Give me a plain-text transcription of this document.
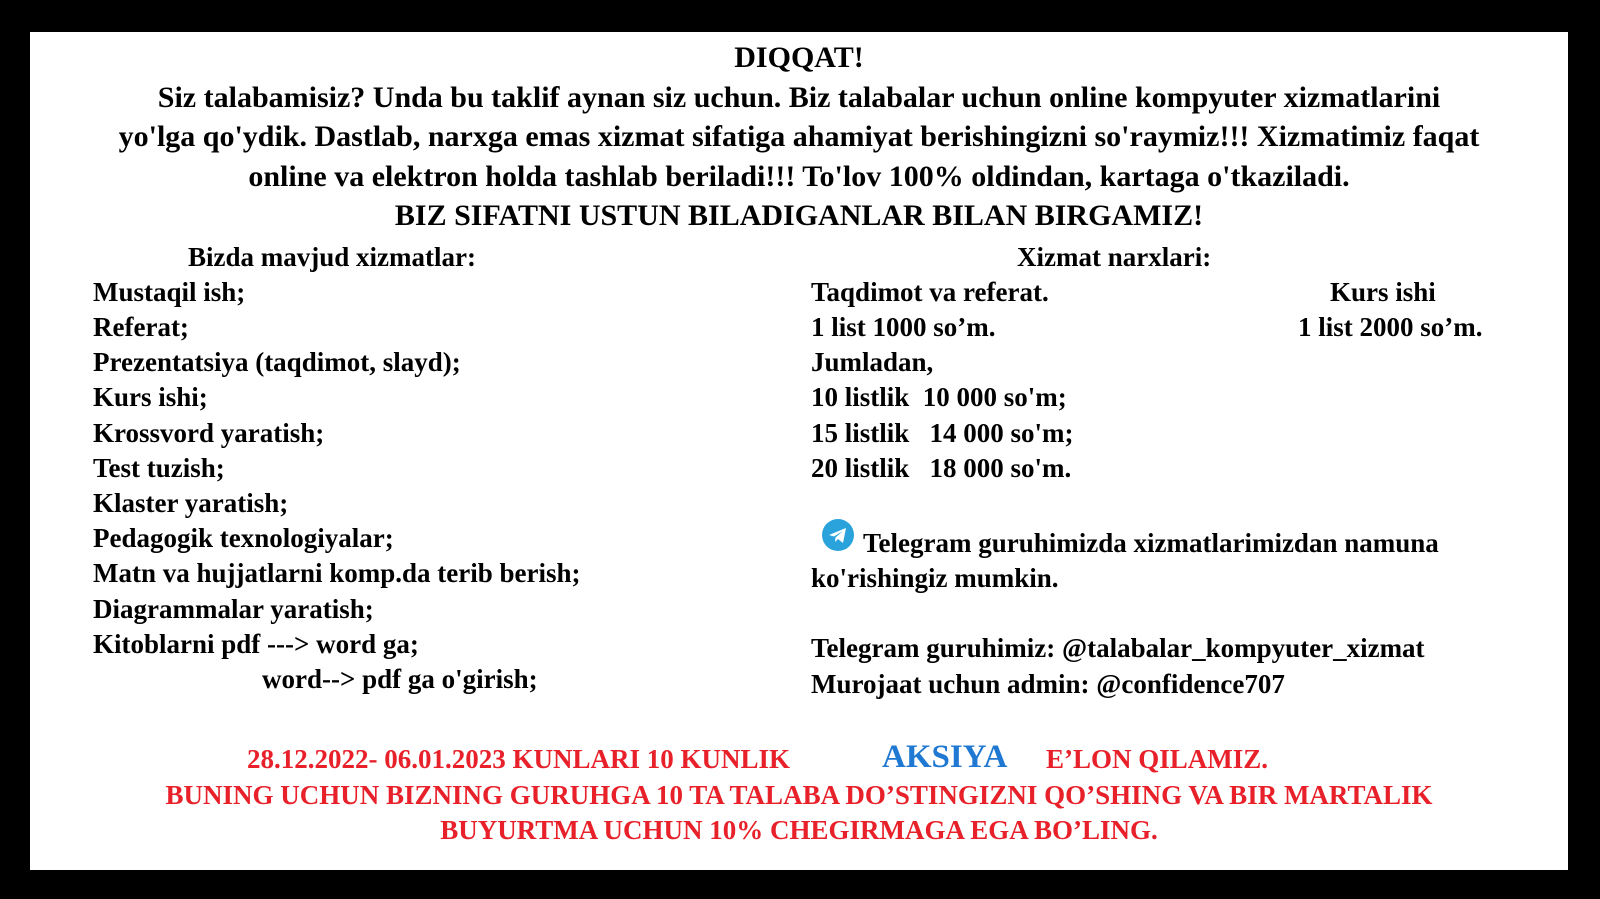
DIQQAT!
Siz talabamisiz? Unda bu taklif aynan siz uchun. Biz talabalar uchun online kompyuter xizmatlarini
yo'lga qo'ydik. Dastlab, narxga emas xizmat sifatiga ahamiyat berishingizni so'raymiz!!! Xizmatimiz faqat
online va elektron holda tashlab beriladi!!! To'lov 100% oldindan, kartaga o'tkaziladi.
BIZ SIFATNI USTUN BILADIGANLAR BILAN BIRGAMIZ!
Bizda mavjud xizmatlar:
Mustaqil ish;
Referat;
Prezentatsiya (taqdimot, slayd);
Kurs ishi;
Krossvord yaratish;
Test tuzish;
Klaster yaratish;
Pedagogik texnologiyalar;
Matn va hujjatlarni komp.da terib berish;
Diagrammalar yaratish;
Kitoblarni pdf ---> word ga;
word--> pdf ga o'girish;
Xizmat narxlari:
Taqdimot va referat.
1 list 1000 so’m.
Jumladan,
10 listlik  10 000 so'm;
15 listlik   14 000 so'm;
20 listlik   18 000 so'm.
Kurs ishi
1 list 2000 so’m.
Telegram guruhimizda xizmatlarimizdan namuna
ko'rishingiz mumkin.
Telegram guruhimiz: @talabalar_kompyuter_xizmat
Murojaat uchun admin: @confidence707
28.12.2022- 06.01.2023 KUNLARI 10 KUNLIK	AKSIYA E’LON QILAMIZ.
BUNING UCHUN BIZNING GURUHGA 10 TA TALABA DO’STINGIZNI QO’SHING VA BIR MARTALIK
BUYURTMA UCHUN 10% CHEGIRMAGA EGA BO’LING.
